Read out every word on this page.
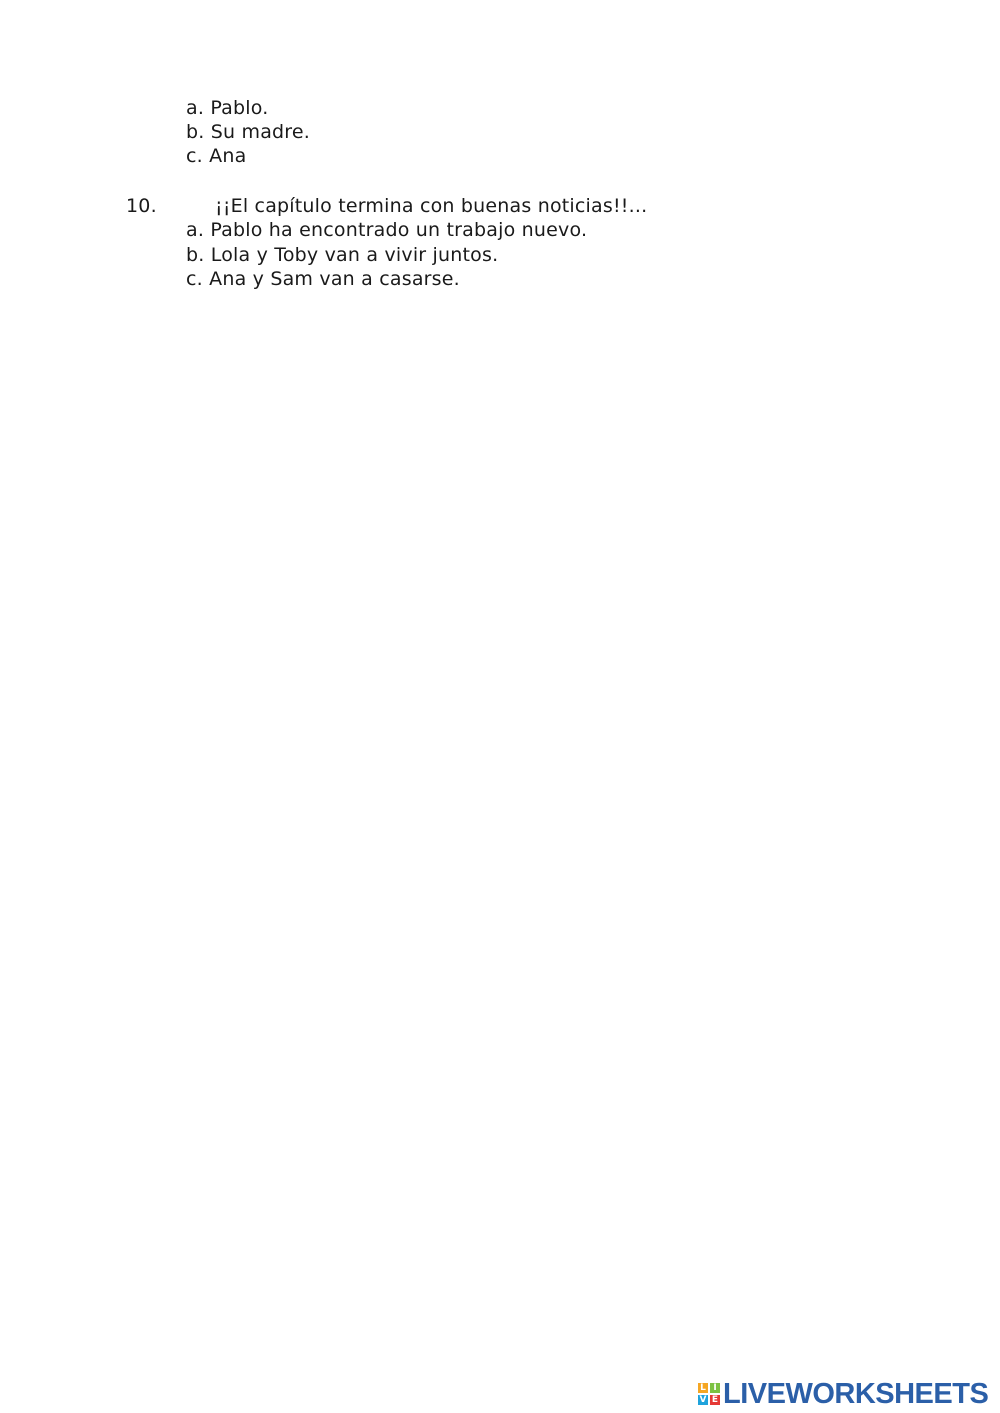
a. Pablo.
b. Su madre.
c. Ana
10.	¡¡El capítulo termina con buenas noticias!!...
a. Pablo ha encontrado un trabajo nuevo.
b. Lola y Toby van a vivir juntos.
c. Ana y Sam van a casarse.
L I
V E LIVEWORKSHEETS
